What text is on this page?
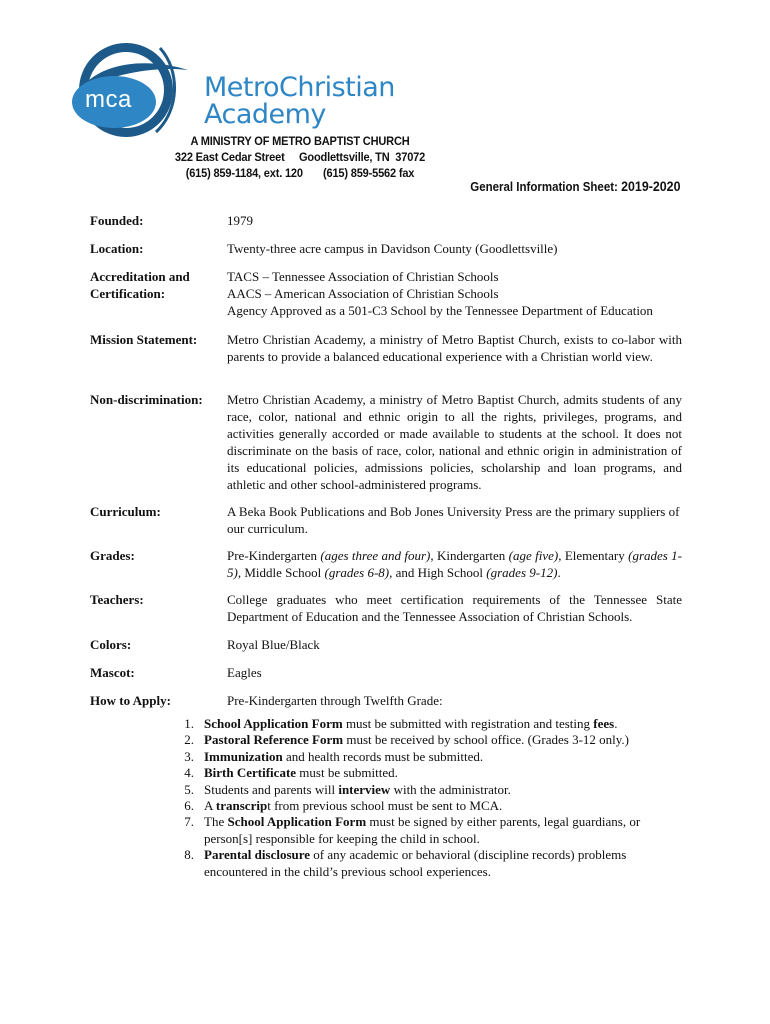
mca	MetroChristian
Academy
A MINISTRY OF METRO BAPTIST CHURCH
322 East Cedar Street     Goodlettsville, TN  37072
(615) 859-1184, ext. 120       (615) 859-5562 fax
General Information Sheet: 2019-2020
Founded:	1979
Location:	Twenty-three acre campus in Davidson County (Goodlettsville)
Accreditation and
Certification:
TACS – Tennessee Association of Christian Schools
AACS – American Association of Christian Schools
Agency Approved as a 501-C3 School by the Tennessee Department of Education
Mission Statement:	Metro Christian Academy, a ministry of Metro Baptist Church, exists to co-labor with parents to provide a balanced educational experience with a Christian world view.
Non-discrimination:	Metro Christian Academy, a ministry of Metro Baptist Church, admits students of any race, color, national and ethnic origin to all the rights, privileges, programs, and activities generally accorded or made available to students at the school. It does not discriminate on the basis of race, color, national and ethnic origin in administration of its educational policies, admissions policies, scholarship and loan programs, and athletic and other school-administered programs.
Curriculum:	A Beka Book Publications and Bob Jones University Press are the primary suppliers of our curriculum.
Grades:	Pre-Kindergarten (ages three and four), Kindergarten (age five), Elementary (grades 1-5), Middle School (grades 6-8), and High School (grades 9-12).
Teachers:	College graduates who meet certification requirements of the Tennessee State Department of Education and the Tennessee Association of Christian Schools.
Colors:	Royal Blue/Black
Mascot:	Eagles
How to Apply:	Pre-Kindergarten through Twelfth Grade:
1. School Application Form must be submitted with registration and testing fees.
2. Pastoral Reference Form must be received by school office. (Grades 3-12 only.)
3. Immunization and health records must be submitted.
4. Birth Certificate must be submitted.
5. Students and parents will interview with the administrator.
6. A transcript from previous school must be sent to MCA.
7. The School Application Form must be signed by either parents, legal guardians, or person[s] responsible for keeping the child in school.
8. Parental disclosure of any academic or behavioral (discipline records) problems encountered in the child’s previous school experiences.
